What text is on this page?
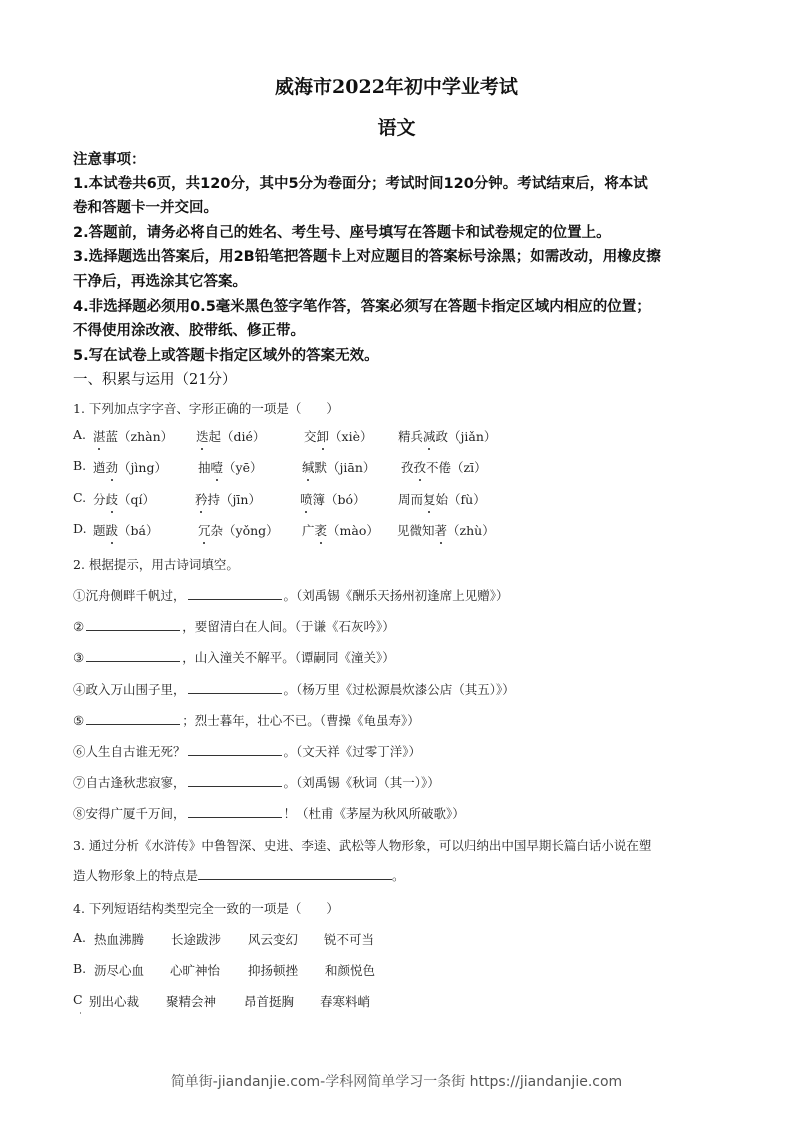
威海市2022年初中学业考试
语文
注意事项：
1.本试卷共6页，共120分，其中5分为卷面分；考试时间120分钟。考试结束后，将本试
卷和答题卡一并交回。
2.答题前，请务必将自己的姓名、考生号、座号填写在答题卡和试卷规定的位置上。
3.选择题选出答案后，用2B铅笔把答题卡上对应题目的答案标号涂黑；如需改动，用橡皮擦
干净后，再选涂其它答案。
4.非选择题必须用0.5毫米黑色签字笔作答，答案必须写在答题卡指定区域内相应的位置；
不得使用涂改液、胶带纸、修正带。
5.写在试卷上或答题卡指定区域外的答案无效。
一、积累与运用（21分）
1. 下列加点字字音、字形正确的一项是（　　）
A. 湛蓝（zhàn） 迭起（dié）	交卸（xiè） 精兵减政（jiǎn）
B. 遒劲（jìng） 抽噎（yē）	缄默（jiān） 孜孜不倦（zī）
C. 分歧（qí）	矜持（jīn）	喷簿（bó）	周而复始（fù）
D. 题跋（bá）	冗杂（yǒng） 广袤（mào） 见微知著（zhù）
2. 根据提示，用古诗词填空。
①沉舟侧畔千帆过，	。（刘禹锡《酬乐天扬州初逢席上见赠》）
②	，要留清白在人间。（于谦《石灰吟》）
③	，山入潼关不解平。（谭嗣同《潼关》）
④政入万山围子里，	。（杨万里《过松源晨炊漆公店（其五）》）
⑤	；烈士暮年，壮心不已。（曹操《龟虽寿》）
⑥人生自古谁无死？	。（文天祥《过零丁洋》）
⑦自古逢秋悲寂寥，	。（刘禹锡《秋词（其一）》）
⑧安得广厦千万间，	！（杜甫《茅屋为秋风所破歌》）
3. 通过分析《水浒传》中鲁智深、史进、李逵、武松等人物形象，可以归纳出中国早期长篇白话小说在塑
造人物形象上的特点是	。
4. 下列短语结构类型完全一致的一项是（　　）
A. 热血沸腾 长途跋涉 风云变幻 锐不可当
B. 沥尽心血 心旷神怡 抑扬顿挫 和颜悦色
C 别出心裁 聚精会神 昂首挺胸 春寒料峭
简单街-jiandanjie.com-学科网简单学习一条街 https://jiandanjie.com
